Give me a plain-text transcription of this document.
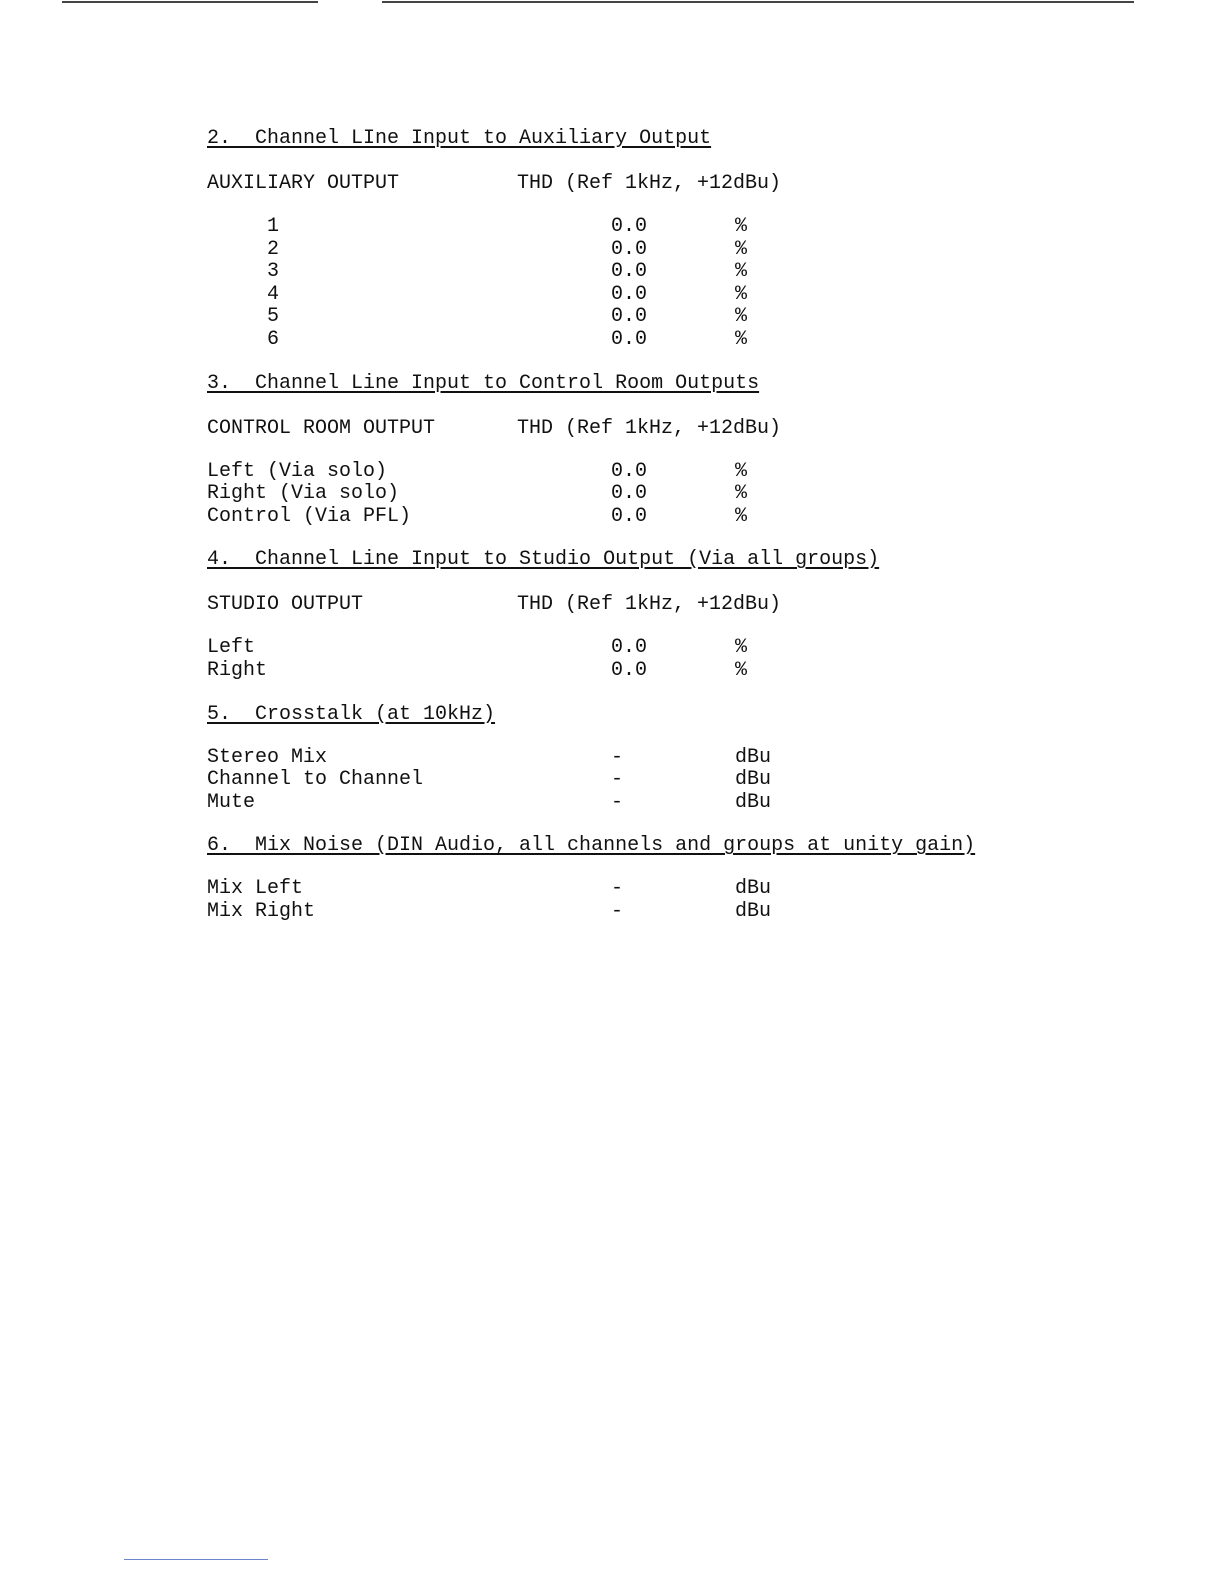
2.  Channel LIne Input to Auxiliary Output
AUXILIARY OUTPUT	THD (Ref 1kHz, +12dBu)
1	0.0	%
2	0.0	%
3	0.0	%
4	0.0	%
5	0.0	%
6	0.0	%
3.  Channel Line Input to Control Room Outputs
CONTROL ROOM OUTPUT	THD (Ref 1kHz, +12dBu)
Left (Via solo)	0.0	%
Right (Via solo)	0.0	%
Control (Via PFL)	0.0	%
4.  Channel Line Input to Studio Output (Via all groups)
STUDIO OUTPUT	THD (Ref 1kHz, +12dBu)
Left	0.0	%
Right	0.0	%
5.  Crosstalk (at 10kHz)
Stereo Mix	-	dBu
Channel to Channel	-	dBu
Mute	-	dBu
6.  Mix Noise (DIN Audio, all channels and groups at unity gain)
Mix Left	-	dBu
Mix Right	-	dBu
